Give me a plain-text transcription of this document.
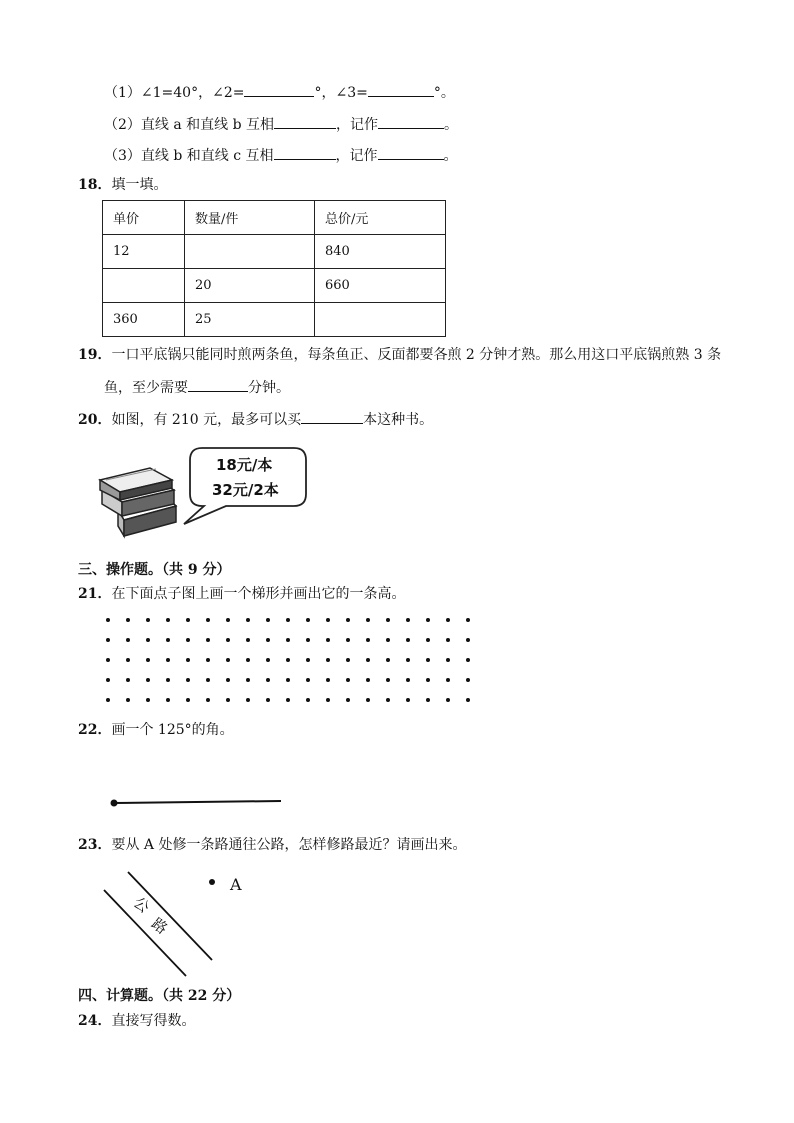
（1）∠1=40°，∠2=	°，∠3=	°。
（2）直线 a 和直线 b 互相	，记作	。
（3）直线 b 和直线 c 互相	，记作	。
18．填一填。
单价	数量/件	总价/元
12		840
	20	660
360	25	
19．一口平底锅只能同时煎两条鱼，每条鱼正、反面都要各煎 2 分钟才熟。那么用这口平底锅煎熟 3 条
鱼，至少需要	分钟。
20．如图，有 210 元，最多可以买	本这种书。
18元/本
32元/2本
三、操作题。（共 9 分）
21．在下面点子图上画一个梯形并画出它的一条高。
22．画一个 125°的角。
23．要从 A 处修一条路通往公路，怎样修路最近？请画出来。
A
公
路
四、计算题。（共 22 分）
24．直接写得数。
